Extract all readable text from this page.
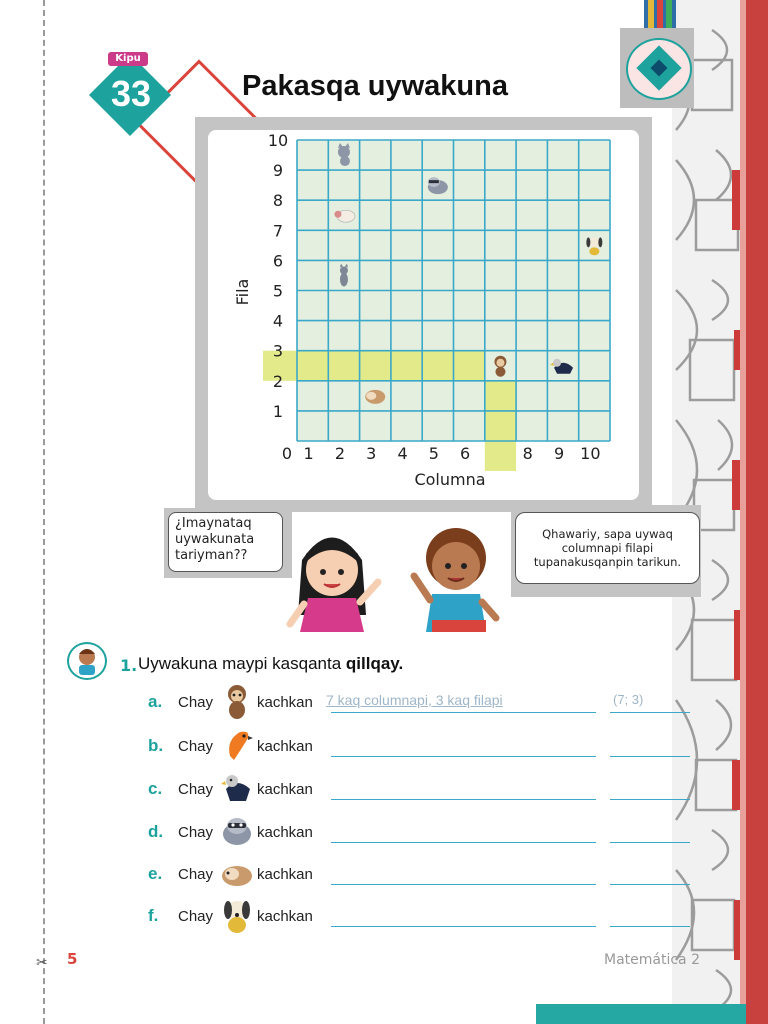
✂
Kipu
33	Pakasqa uywakuna
1
2
3
4
5
6
7
8
9
10
0 1 2 3 4 5 6	8 9 10
Columna
Fila
¿Imaynataq uywakunata tariyman??
Qhawariy, sapa uywaq columnapi filapi tupanakusqanpin tarikun.
1. Uywakuna maypi kasqanta qillqay.
a. Chay	kachkan 7 kaq columnapi, 3 kaq filapi	(7; 3)
b. Chay	kachkan
c. Chay	kachkan
d. Chay	kachkan
e. Chay	kachkan
f. Chay	kachkan
5	Matemática 2
